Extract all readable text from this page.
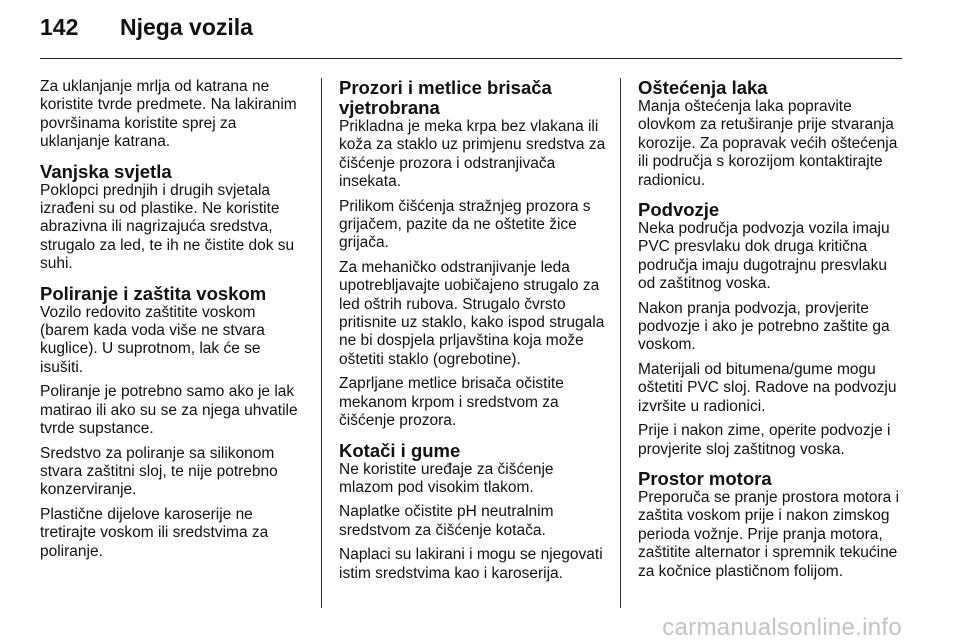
142	Njega vozila

Za uklanjanje mrlja od katrana ne koristite tvrde predmete. Na lakiranim površinama koristite sprej za uklanjanje katrana.

Vanjska svjetla

Poklopci prednjih i drugih svjetala izrađeni su od plastike. Ne koristite abrazivna ili nagrizajuća sredstva, strugalo za led, te ih ne čistite dok su suhi.

Poliranje i zaštita voskom

Vozilo redovito zaštitite voskom (barem kada voda više ne stvara kuglice). U suprotnom, lak će se isušiti.

Poliranje je potrebno samo ako je lak matirao ili ako su se za njega uhvatile tvrde supstance.

Sredstvo za poliranje sa silikonom stvara zaštitni sloj, te nije potrebno konzerviranje.

Plastične dijelove karoserije ne tretirajte voskom ili sredstvima za poliranje.

Prozori i metlice brisača vjetrobrana

Prikladna je meka krpa bez vlakana ili koža za staklo uz primjenu sredstva za čišćenje prozora i odstranjivača insekata.

Prilikom čišćenja stražnjeg prozora s grijačem, pazite da ne oštetite žice grijača.

Za mehaničko odstranjivanje leda upotrebljavajte uobičajeno strugalo za led oštrih rubova. Strugalo čvrsto pritisnite uz staklo, kako ispod strugala ne bi dospjela prljavština koja može oštetiti staklo (ogrebotine).

Zaprljane metlice brisača očistite mekanom krpom i sredstvom za čišćenje prozora.

Kotači i gume

Ne koristite uređaje za čišćenje mlazom pod visokim tlakom.

Naplatke očistite pH neutralnim sredstvom za čišćenje kotača.

Naplaci su lakirani i mogu se njegovati istim sredstvima kao i karoserija.

Oštećenja laka

Manja oštećenja laka popravite olovkom za retuširanje prije stvaranja korozije. Za popravak većih oštećenja ili područja s korozijom kontaktirajte radionicu.

Podvozje

Neka područja podvozja vozila imaju PVC presvlaku dok druga kritična područja imaju dugotrajnu presvlaku od zaštitnog voska.

Nakon pranja podvozja, provjerite podvozje i ako je potrebno zaštite ga voskom.

Materijali od bitumena/gume mogu oštetiti PVC sloj. Radove na podvozju izvršite u radionici.

Prije i nakon zime, operite podvozje i provjerite sloj zaštitnog voska.

Prostor motora

Preporuča se pranje prostora motora i zaštita voskom prije i nakon zimskog perioda vožnje. Prije pranja motora, zaštitite alternator i spremnik tekućine za kočnice plastičnom folijom.

carmanualsonline.info
